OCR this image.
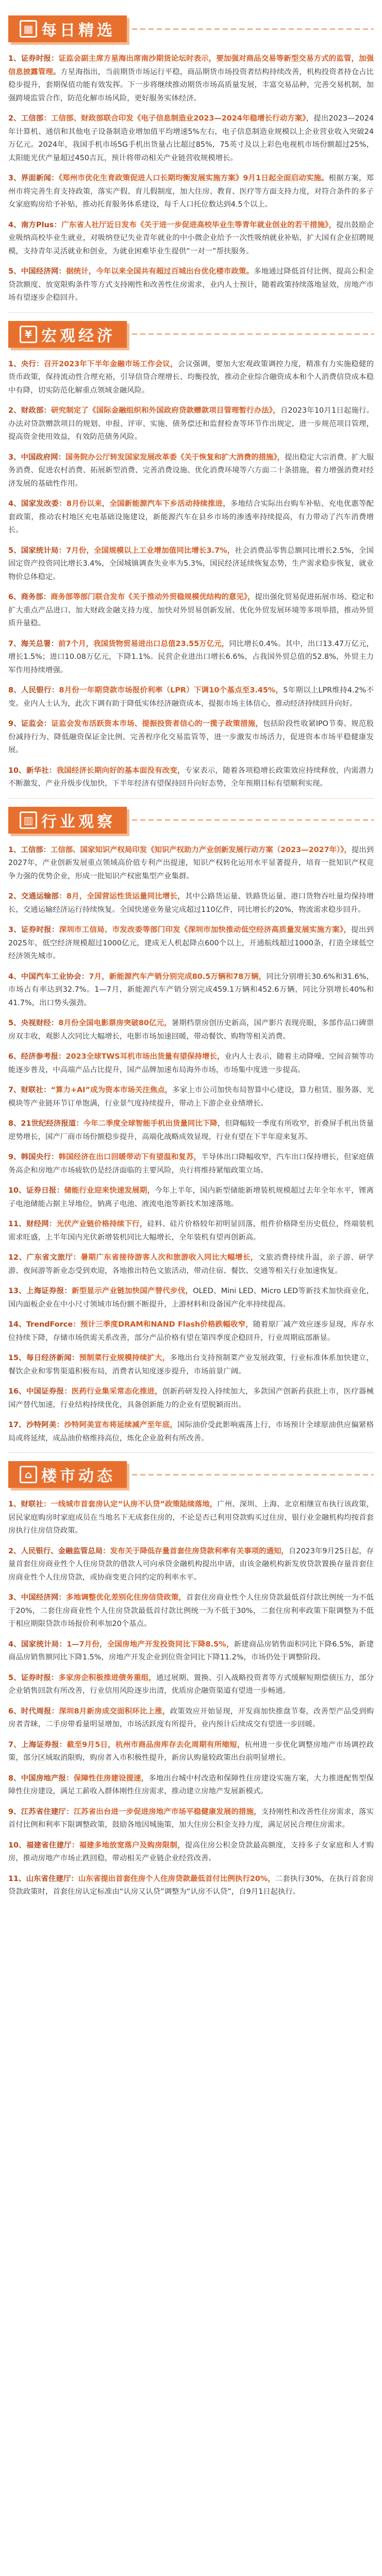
▦ 每日精选

1、证券时报：证监会副主席方星海出席南沙期货论坛时表示，要加强对商品交易等新型交易方式的监管，加强信息披露管理。方星海指出，当前期货市场运行平稳，商品期货市场投资者结构持续改善，机构投资者持仓占比稳步提升，套期保值功能有效发挥。下一步将继续推动期货市场高质量发展，丰富交易品种，完善交易机制，加强跨境监管合作，防范化解市场风险，更好服务实体经济。

2、工信部：工信部、财政部联合印发《电子信息制造业2023—2024年稳增长行动方案》，提出2023—2024年计算机、通信和其他电子设备制造业增加值平均增速5%左右，电子信息制造业规模以上企业营业收入突破24万亿元。2024年，我国手机市场5G手机出货量占比超过85%，75英寸及以上彩色电视机市场份额超过25%，太阳能光伏产量超过450吉瓦，预计将带动相关产业链营收规模增长。

3、界面新闻：《郑州市优化生育政策促进人口长期均衡发展实施方案》9月1日起全面启动实施。根据方案，郑州市将完善生育支持政策，落实产假、育儿假制度，加大住房、教育、医疗等方面支持力度，对符合条件的多子女家庭购房给予补贴，推动托育服务体系建设，每千人口托位数达到4.5个以上。

4、南方Plus：广东省人社厅近日发布《关于进一步促进高校毕业生等青年就业创业的若干措施》，提出鼓励企业吸纳高校毕业生就业，对吸纳登记失业青年就业的中小微企业给予一次性吸纳就业补贴，扩大国有企业招聘规模，支持青年灵活就业和创业，为就业困难毕业生提供“一对一”帮扶服务。

5、中国经济网：据统计，今年以来全国共有超过百城出台优化楼市政策。多地通过降低首付比例、提高公积金贷款额度、放宽限购条件等方式支持刚性和改善性住房需求，业内人士预计，随着政策持续落地显效，房地产市场有望逐步企稳回升。

¥ 宏观经济

1、央行：召开2023年下半年金融市场工作会议，会议强调，要加大宏观政策调控力度，精准有力实施稳健的货币政策，保持流动性合理充裕，引导信贷合理增长、均衡投放，推动企业综合融资成本和个人消费信贷成本稳中有降，切实防范化解重点领域金融风险。

2、财政部：研究制定了《国际金融组织和外国政府贷款赠款项目管理暂行办法》，自2023年10月1日起施行。办法对贷款赠款项目的规划、申报、评审、实施、债务偿还和监督检查等环节作出规定，进一步规范项目管理，提高资金使用效益，有效防范债务风险。

3、中国政府网：国务院办公厅转发国家发展改革委《关于恢复和扩大消费的措施》，提出稳定大宗消费、扩大服务消费、促进农村消费、拓展新型消费、完善消费设施、优化消费环境等六方面二十条措施，着力增强消费对经济发展的基础性作用。

4、国家发改委：8月份以来，全国新能源汽车下乡活动持续推进，多地结合实际出台购车补贴、充电优惠等配套政策，推动农村地区充电基础设施建设，新能源汽车在县乡市场的渗透率持续提高，有力带动了汽车消费增长。

5、国家统计局：7月份，全国规模以上工业增加值同比增长3.7%，社会消费品零售总额同比增长2.5%，全国固定资产投资同比增长3.4%，全国城镇调查失业率为5.3%，国民经济延续恢复态势，生产需求稳步恢复，就业物价总体稳定。

6、商务部：商务部等部门联合发布《关于推动外贸稳规模优结构的意见》，提出强化贸易促进拓展市场、稳定和扩大重点产品进口、加大财政金融支持力度、加快对外贸易创新发展、优化外贸发展环境等多项举措，推动外贸质升量稳。

7、海关总署：前7个月，我国货物贸易进出口总值23.55万亿元，同比增长0.4%。其中，出口13.47万亿元，增长1.5%；进口10.08万亿元，下降1.1%。民营企业进出口增长6.6%，占我国外贸总值的52.8%，外贸主力军作用持续增强。

8、人民银行：8月份一年期贷款市场报价利率（LPR）下调10个基点至3.45%，5年期以上LPR维持4.2%不变。业内人士认为，此次下调有助于降低实体经济融资成本，提振市场主体信心，推动经济持续回升向好。

9、证监会：证监会发布活跃资本市场、提振投资者信心的一揽子政策措施，包括阶段性收紧IPO节奏、规范股份减持行为、降低融资保证金比例、完善程序化交易监管等，进一步激发市场活力，促进资本市场平稳健康发展。

10、新华社：我国经济长期向好的基本面没有改变，专家表示，随着各项稳增长政策效应持续释放，内需潜力不断激发，产业升级步伐加快，下半年经济有望保持回升向好态势，全年预期目标有望顺利实现。

▥ 行业观察

1、工信部：工信部、国家知识产权局印发《知识产权助力产业创新发展行动方案（2023—2027年）》，提出到2027年，产业创新发展重点领域高价值专利产出提速，知识产权转化运用水平显著提升，培育一批知识产权竞争力强的优势企业，形成一批知识产权密集型产业集群。

2、交通运输部：8月，全国营运性货运量同比增长，其中公路货运量、铁路货运量、港口货物吞吐量均保持增长，交通运输经济运行持续恢复。全国快递业务量完成超过110亿件，同比增长约20%，物流需求稳步回升。

3、证券时报：深圳市工信局、市发改委等部门印发《深圳市加快推动低空经济高质量发展实施方案》，提出到2025年，低空经济规模超过1000亿元，建成无人机起降点600个以上，开通航线超过1000条，打造全球低空经济领先城市。

4、中国汽车工业协会：7月，新能源汽车产销分别完成80.5万辆和78万辆，同比分别增长30.6%和31.6%，市场占有率达到32.7%。1—7月，新能源汽车产销分别完成459.1万辆和452.6万辆，同比分别增长40%和41.7%，出口势头强劲。

5、央视财经：8月份全国电影票房突破80亿元，暑期档票房创历史新高，国产影片表现亮眼，多部作品口碑票房双丰收，观影人次同比大幅增长，电影市场加速回暖，带动餐饮、购物等相关消费。

6、经济参考报：2023全球TWS耳机市场出货量有望保持增长，业内人士表示，随着主动降噪、空间音频等功能逐步普及，中高端产品占比提升，国产品牌加速布局海外市场，市场集中度进一步提高。

7、财联社：“算力+AI”成为资本市场关注焦点，多家上市公司加快布局智算中心建设，算力租赁、服务器、光模块等产业链环节订单饱满，行业景气度持续提升，带动上下游企业业绩增长。

8、21世纪经济报道：今年二季度全球智能手机出货量同比下降，但降幅较一季度有所收窄，折叠屏手机出货量逆势增长，国产厂商市场份额稳步提升，高端化战略成效显现，行业有望在下半年迎来复苏。

9、韩国央行：韩国经济在出口回暖带动下有望温和复苏，半导体出口降幅收窄，汽车出口保持增长，但家庭债务高企和房地产市场疲软仍是经济面临的主要风险，央行将维持紧缩政策立场。

10、证券日报：储能行业迎来快速发展期，今年上半年，国内新型储能新增装机规模超过去年全年水平，锂离子电池储能占据主导地位，钠离子电池、液流电池等新技术加速落地。

11、财经网：光伏产业链价格持续下行，硅料、硅片价格较年初明显回落，组件价格降至历史低位，终端装机需求旺盛，上半年国内光伏新增装机同比大幅增长，全年装机有望再创新高。

12、广东省文旅厅：暑期广东省接待游客人次和旅游收入同比大幅增长，文旅消费持续升温，亲子游、研学游、夜间游等新业态受到欢迎，各地推出特色文旅活动，带动住宿、餐饮、交通等相关行业加速恢复。

13、上海证券报：新型显示产业链加快国产替代步伐，OLED、Mini LED、Micro LED等新技术加快商业化，国内面板企业在中小尺寸领域市场份额不断提升，上游材料和设备国产化率持续提高。

14、TrendForce：预计三季度DRAM和NAND Flash价格跌幅收窄，随着原厂减产效应逐步显现，库存水位持续下降，存储市场供需关系改善，部分产品价格有望在第四季度企稳回升，行业周期底部渐显。

15、每日经济新闻：预制菜行业规模持续扩大，多地出台支持预制菜产业发展政策，行业标准体系加快建立，餐饮企业和零售渠道积极布局，消费者认知度逐步提升，市场前景广阔。

16、中国证券报：医药行业集采常态化推进，创新药研发投入持续加大，多款国产创新药获批上市，医疗器械国产替代加速，行业结构持续优化，具备创新能力的企业有望脱颖而出。

17、沙特阿美：沙特阿美宣布将延续减产至年底，国际油价受此影响震荡上行，市场预计全球原油供应偏紧格局或将延续，成品油价格维持高位，炼化企业盈利有所改善。

⌂ 楼市动态

1、财联社：一线城市首套房认定“认房不认贷”政策陆续落地，广州、深圳、上海、北京相继宣布执行该政策，居民家庭购房时家庭成员在当地名下无成套住房的，不论是否已利用贷款购买过住房，银行业金融机构均按首套房执行住房信贷政策。

2、人民银行、金融监管总局：发布关于降低存量首套住房贷款利率有关事项的通知，自2023年9月25日起，存量首套住房商业性个人住房贷款的借款人可向承贷金融机构提出申请，由该金融机构新发放贷款置换存量首套住房商业性个人住房贷款，或协商变更合同约定的利率水平。

3、中国经济网：多地调整优化差别化住房信贷政策，首套住房商业性个人住房贷款最低首付款比例统一为不低于20%，二套住房商业性个人住房贷款最低首付款比例统一为不低于30%，二套住房利率政策下限调整为不低于相应期限贷款市场报价利率加20个基点。

4、国家统计局：1—7月份，全国房地产开发投资同比下降8.5%，新建商品房销售面积同比下降6.5%，新建商品房销售额同比下降1.5%，房地产开发企业到位资金同比下降11.2%，市场仍处于调整阶段。

5、证券时报：多家房企积极推进债务重组，通过展期、置换、引入战略投资者等方式缓解短期偿债压力，部分企业销售回款有所改善，行业信用风险逐步出清，优质房企融资渠道有望进一步畅通。

6、时代周报：深圳8月新房成交面积环比上涨，政策效应开始显现，开发商加快推盘节奏，改善型产品受到购房者青睐，二手房带看量明显增加，市场活跃度有所提升，业内预计后续成交有望进一步回暖。

7、上海证券报：截至9月5日，杭州市商品房库存去化周期有所缩短，杭州进一步优化调整房地产市场调控政策，部分区域取消限购，购房者入市积极性提升，新房认购量较政策出台前明显增长。

8、中国房地产报：保障性住房建设提速，多地出台城中村改造和保障性住房建设实施方案，大力推进配售型保障性住房建设，满足工薪收入群体刚性住房需求，推动建立房地产发展新模式。

9、江苏省住建厅：江苏省出台进一步促进房地产市场平稳健康发展的措施，支持刚性和改善性住房需求，落实首付比例和利率下限调整政策，鼓励各地因城施策，加大住房公积金支持力度，满足居民合理住房需求。

10、福建省住建厅：福建多地放宽落户及购房限制，提高住房公积金贷款最高额度，支持多子女家庭和人才购房，推动房地产市场止跌回稳，带动相关产业链企业经营改善。

11、山东省住建厅：山东省提出首套住房个人住房贷款最低首付比例执行20%，二套执行30%，在执行首套房贷款政策时，首套住房认定标准由“认房又认贷”调整为“认房不认贷”，自9月1日起执行。
